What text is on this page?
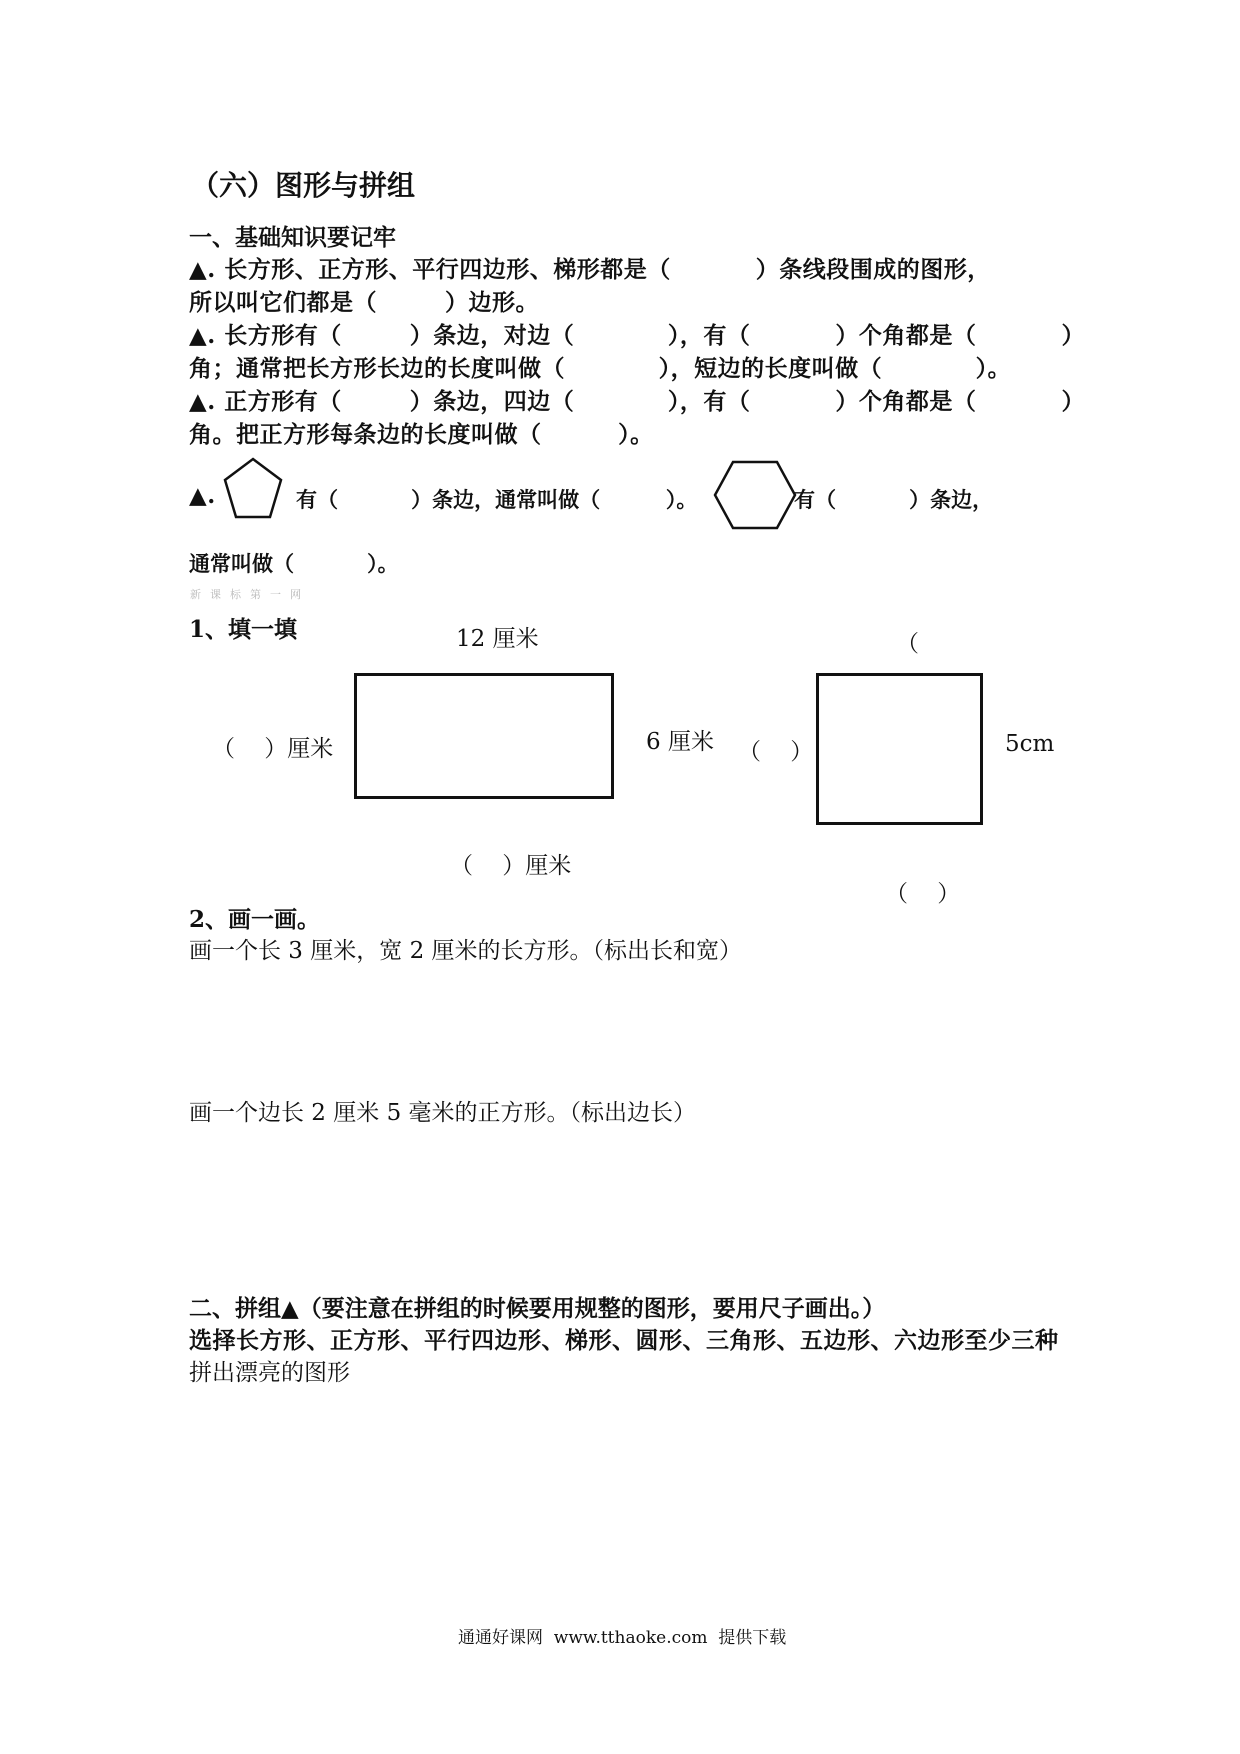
（六）图形与拼组
一、基础知识要记牢
▲. 长方形、正方形、平行四边形、梯形都是（          ）条线段围成的图形，
所以叫它们都是（        ）边形。
▲. 长方形有（        ）条边，对边（           ），有（          ）个角都是（          ）
角；通常把长方形长边的长度叫做（           ），短边的长度叫做（           ）。
▲. 正方形有（        ）条边，四边（           ），有（          ）个角都是（          ）
角。把正方形每条边的长度叫做（         ）。
▲.	有（          ）条边，通常叫做（         ）。	有（          ）条边，
通常叫做（          ）。
新课标第一网
1、填一填	12 厘米
（    ）厘米	6 厘米
（    ）厘米
（
（    ）	5cm
（    ）
2、画一画。
画一个长 3 厘米，宽 2 厘米的长方形。（标出长和宽）
画一个边长 2 厘米 5 毫米的正方形。（标出边长）
二、拼组▲（要注意在拼组的时候要用规整的图形，要用尺子画出。）
选择长方形、正方形、平行四边形、梯形、圆形、三角形、五边形、六边形至少三种
拼出漂亮的图形
通通好课网  www.tthaoke.com  提供下载
